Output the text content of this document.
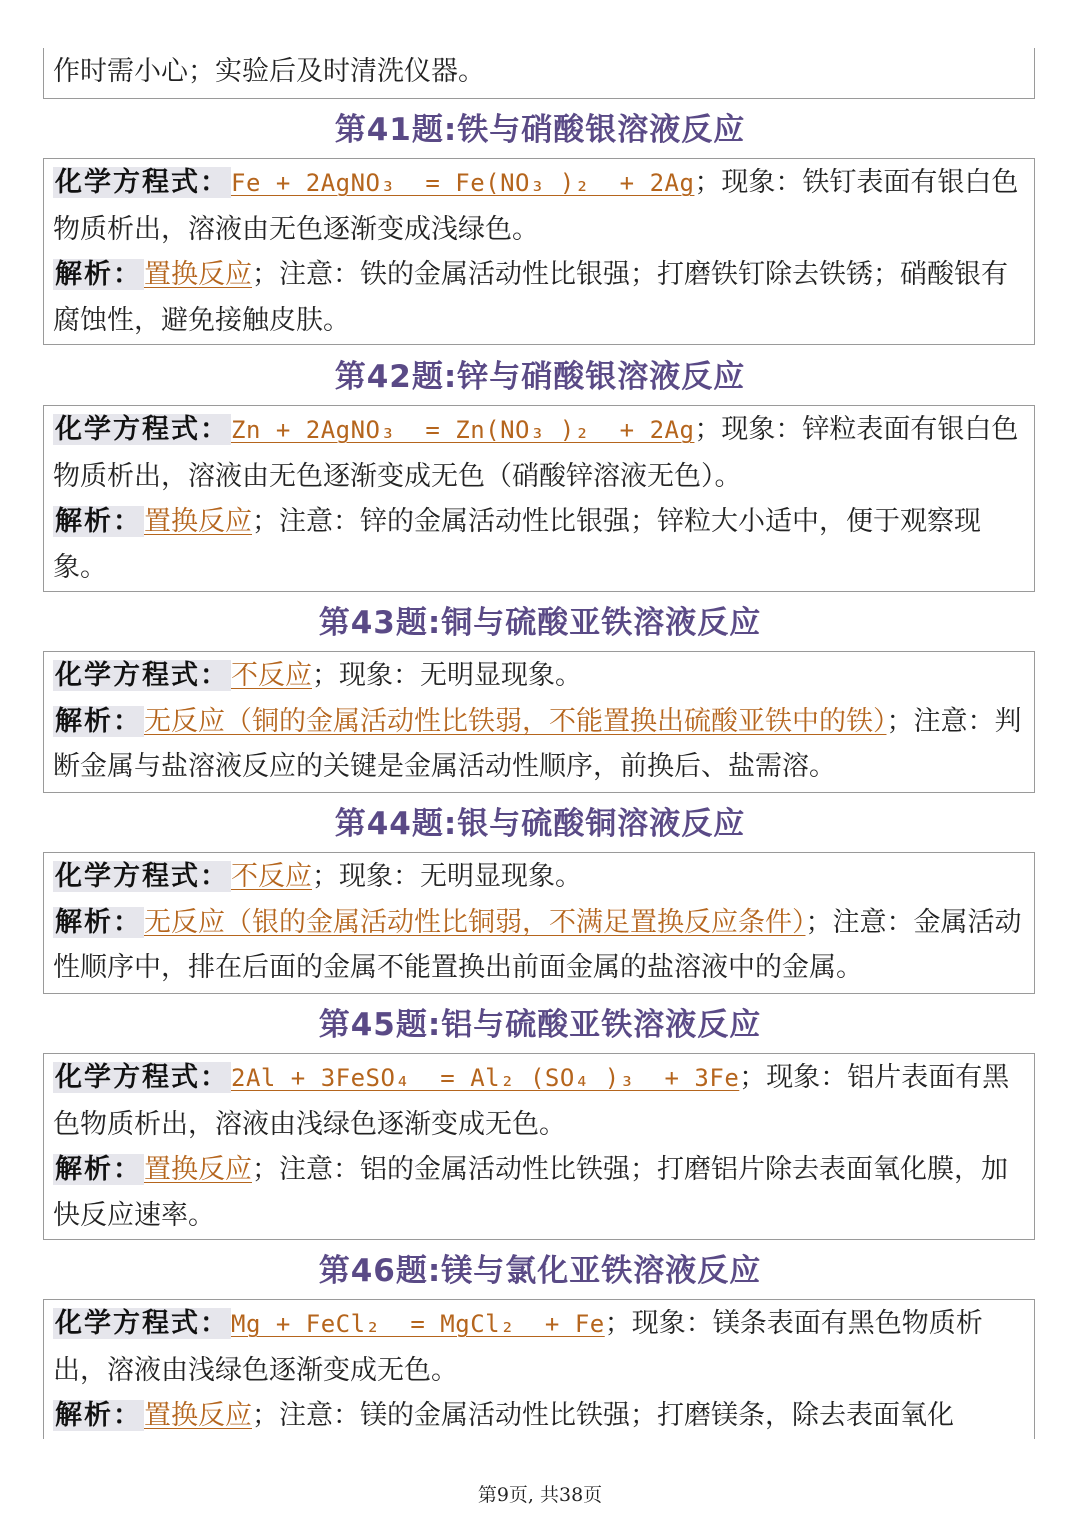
作时需小心；实验后及时清洗仪器。

第41题:铁与硝酸银溶液反应

化学方程式：Fe + 2AgNO₃  = Fe(NO₃ )₂  + 2Ag；现象：铁钉表面有银白色物质析出，溶液由无色逐渐变成浅绿色。

解析：置换反应；注意：铁的金属活动性比银强；打磨铁钉除去铁锈；硝酸银有腐蚀性，避免接触皮肤。

第42题:锌与硝酸银溶液反应

化学方程式：Zn + 2AgNO₃  = Zn(NO₃ )₂  + 2Ag；现象：锌粒表面有银白色物质析出，溶液由无色逐渐变成无色（硝酸锌溶液无色）。

解析：置换反应；注意：锌的金属活动性比银强；锌粒大小适中，便于观察现象。

第43题:铜与硫酸亚铁溶液反应

化学方程式：不反应；现象：无明显现象。

解析：无反应（铜的金属活动性比铁弱，不能置换出硫酸亚铁中的铁）；注意：判断金属与盐溶液反应的关键是金属活动性顺序，前换后、盐需溶。

第44题:银与硫酸铜溶液反应

化学方程式：不反应；现象：无明显现象。

解析：无反应（银的金属活动性比铜弱，不满足置换反应条件）；注意：金属活动性顺序中，排在后面的金属不能置换出前面金属的盐溶液中的金属。

第45题:铝与硫酸亚铁溶液反应

化学方程式：2Al + 3FeSO₄  = Al₂ (SO₄ )₃  + 3Fe；现象：铝片表面有黑色物质析出，溶液由浅绿色逐渐变成无色。

解析：置换反应；注意：铝的金属活动性比铁强；打磨铝片除去表面氧化膜，加快反应速率。

第46题:镁与氯化亚铁溶液反应

化学方程式：Mg + FeCl₂  = MgCl₂  + Fe；现象：镁条表面有黑色物质析出，溶液由浅绿色逐渐变成无色。

解析：置换反应；注意：镁的金属活动性比铁强；打磨镁条，除去表面氧化

第9页, 共38页
